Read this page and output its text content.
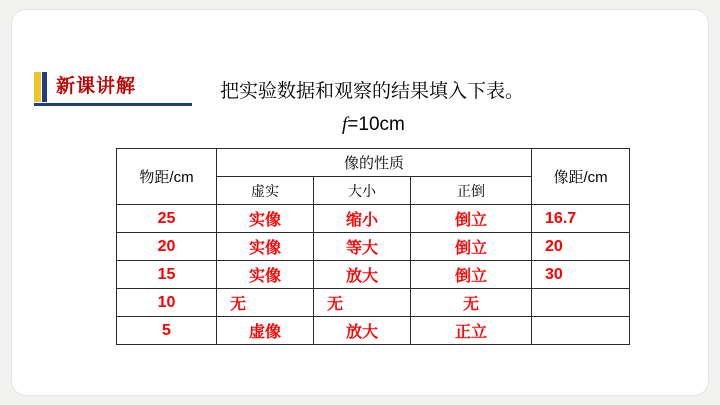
新课讲解	把实验数据和观察的结果填入下表。
f=10cm
物距/cm	像的性质			像距/cm
	虚实	大小	正倒	
25	实像	缩小	倒立	16.7
20	实像	等大	倒立	20
15	实像	放大	倒立	30
10	无	无	无	
5	虚像	放大	正立	
